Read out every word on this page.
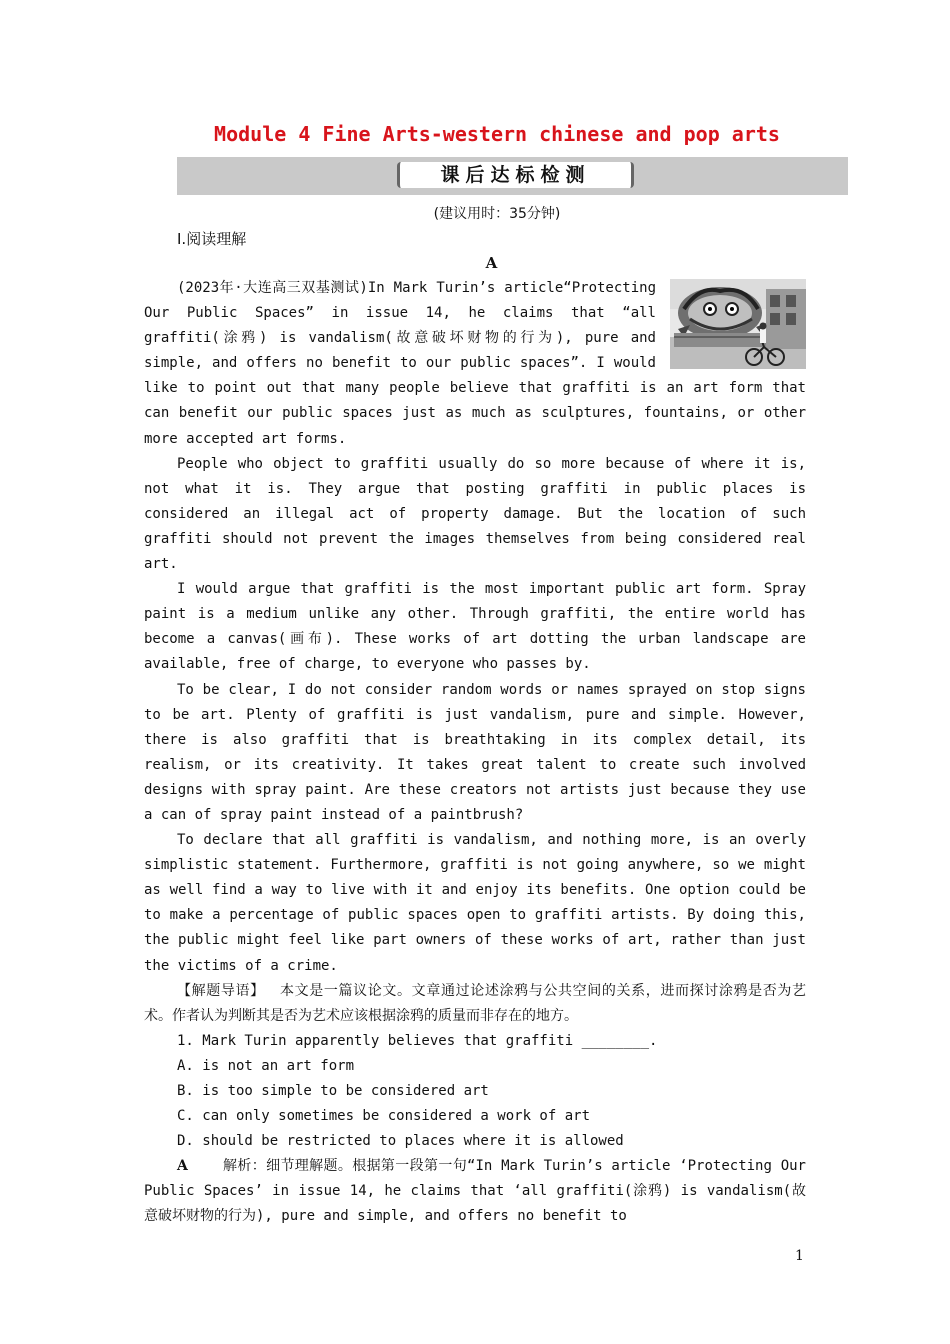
Module 4 Fine Arts-western chinese and pop arts
课后达标检测
(建议用时：35分钟)
Ⅰ.阅读理解
A

(2023年·大连高三双基测试)In Mark Turin’s article“Protecting Our Public Spaces” in issue 14, he claims that “all graffiti(涂鸦) is vandalism(故意破坏财物的行为), pure and simple, and offers no benefit to our public spaces”. I would like to point out that many people believe that graffiti is an art form that can benefit our public spaces just as much as sculptures, fountains, or other more accepted art forms.

People who object to graffiti usually do so more because of where it is, not what it is. They argue that posting graffiti in public places is considered an illegal act of property damage. But the location of such graffiti should not prevent the images themselves from being considered real art.

I would argue that graffiti is the most important public art form. Spray paint is a medium unlike any other. Through graffiti, the entire world has become a canvas(画布). These works of art dotting the urban landscape are available, free of charge, to everyone who passes by.

To be clear, I do not consider random words or names sprayed on stop signs to be art. Plenty of graffiti is just vandalism, pure and simple. However, there is also graffiti that is breathtaking in its complex detail, its realism, or its creativity. It takes great talent to create such involved designs with spray paint. Are these creators not artists just because they use a can of spray paint instead of a paintbrush?

To declare that all graffiti is vandalism, and nothing more, is an overly simplistic statement. Furthermore, graffiti is not going anywhere, so we might as well find a way to live with it and enjoy its benefits. One option could be to make a percentage of public spaces open to graffiti artists. By doing this, the public might feel like part owners of these works of art, rather than just the victims of a crime.

【解题导语】 本文是一篇议论文。文章通过论述涂鸦与公共空间的关系，进而探讨涂鸦是否为艺术。作者认为判断其是否为艺术应该根据涂鸦的质量而非存在的地方。

1. Mark Turin apparently believes that graffiti ________.

A. is not an art form

B. is too simple to be considered art

C. can only sometimes be considered a work of art

D. should be restricted to places where it is allowed

A	解析：细节理解题。根据第一段第一句“In Mark Turin’s article ‘Protecting Our Public Spaces’ in issue 14, he claims that ‘all graffiti(涂鸦) is vandalism(故意破坏财物的行为), pure and simple, and offers no benefit to

1
